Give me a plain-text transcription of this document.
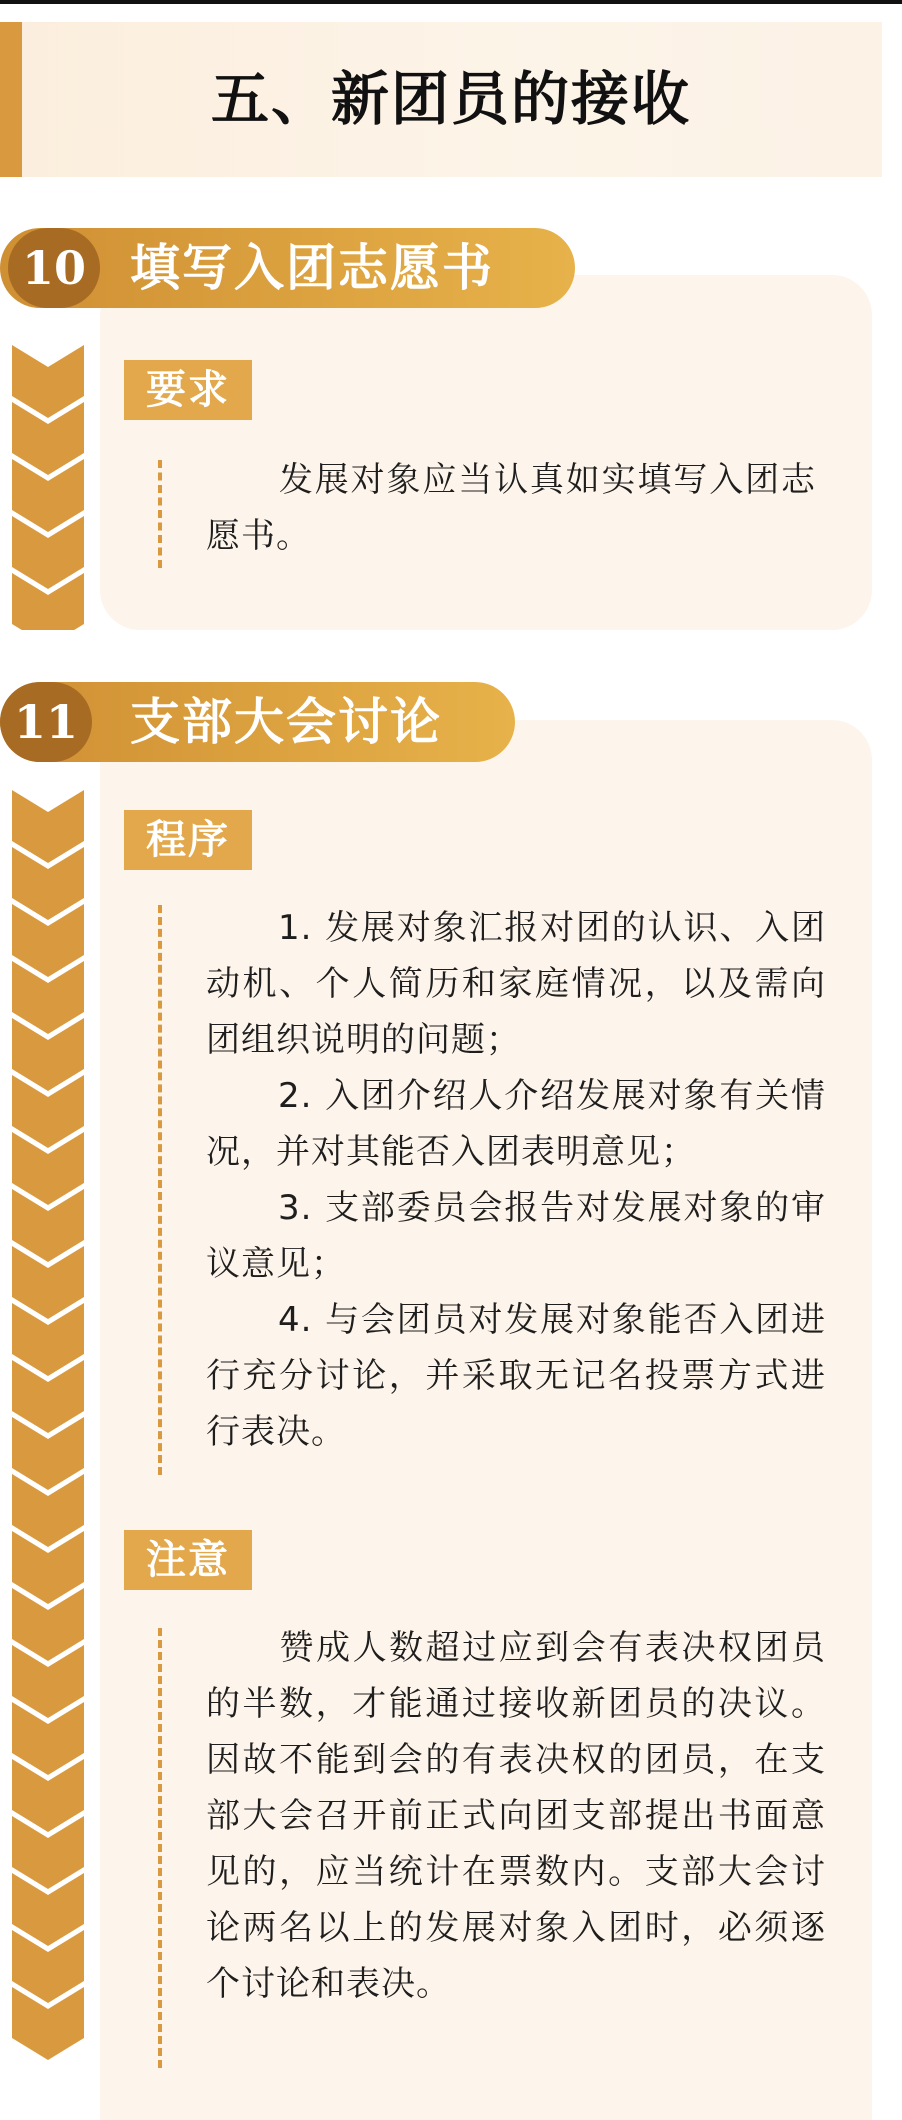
五、新团员的接收
10 填写入团志愿书
要求

发展对象应当认真如实填写入团志愿书。

11 支部大会讨论
程序

1. 发展对象汇报对团的认识、入团动机、个人简历和家庭情况，以及需向团组织说明的问题；

2. 入团介绍人介绍发展对象有关情况，并对其能否入团表明意见；

3. 支部委员会报告对发展对象的审议意见；

4. 与会团员对发展对象能否入团进行充分讨论，并采取无记名投票方式进行表决。

注意

赞成人数超过应到会有表决权团员的半数，才能通过接收新团员的决议。因故不能到会的有表决权的团员，在支部大会召开前正式向团支部提出书面意见的，应当统计在票数内。支部大会讨论两名以上的发展对象入团时，必须逐个讨论和表决。
